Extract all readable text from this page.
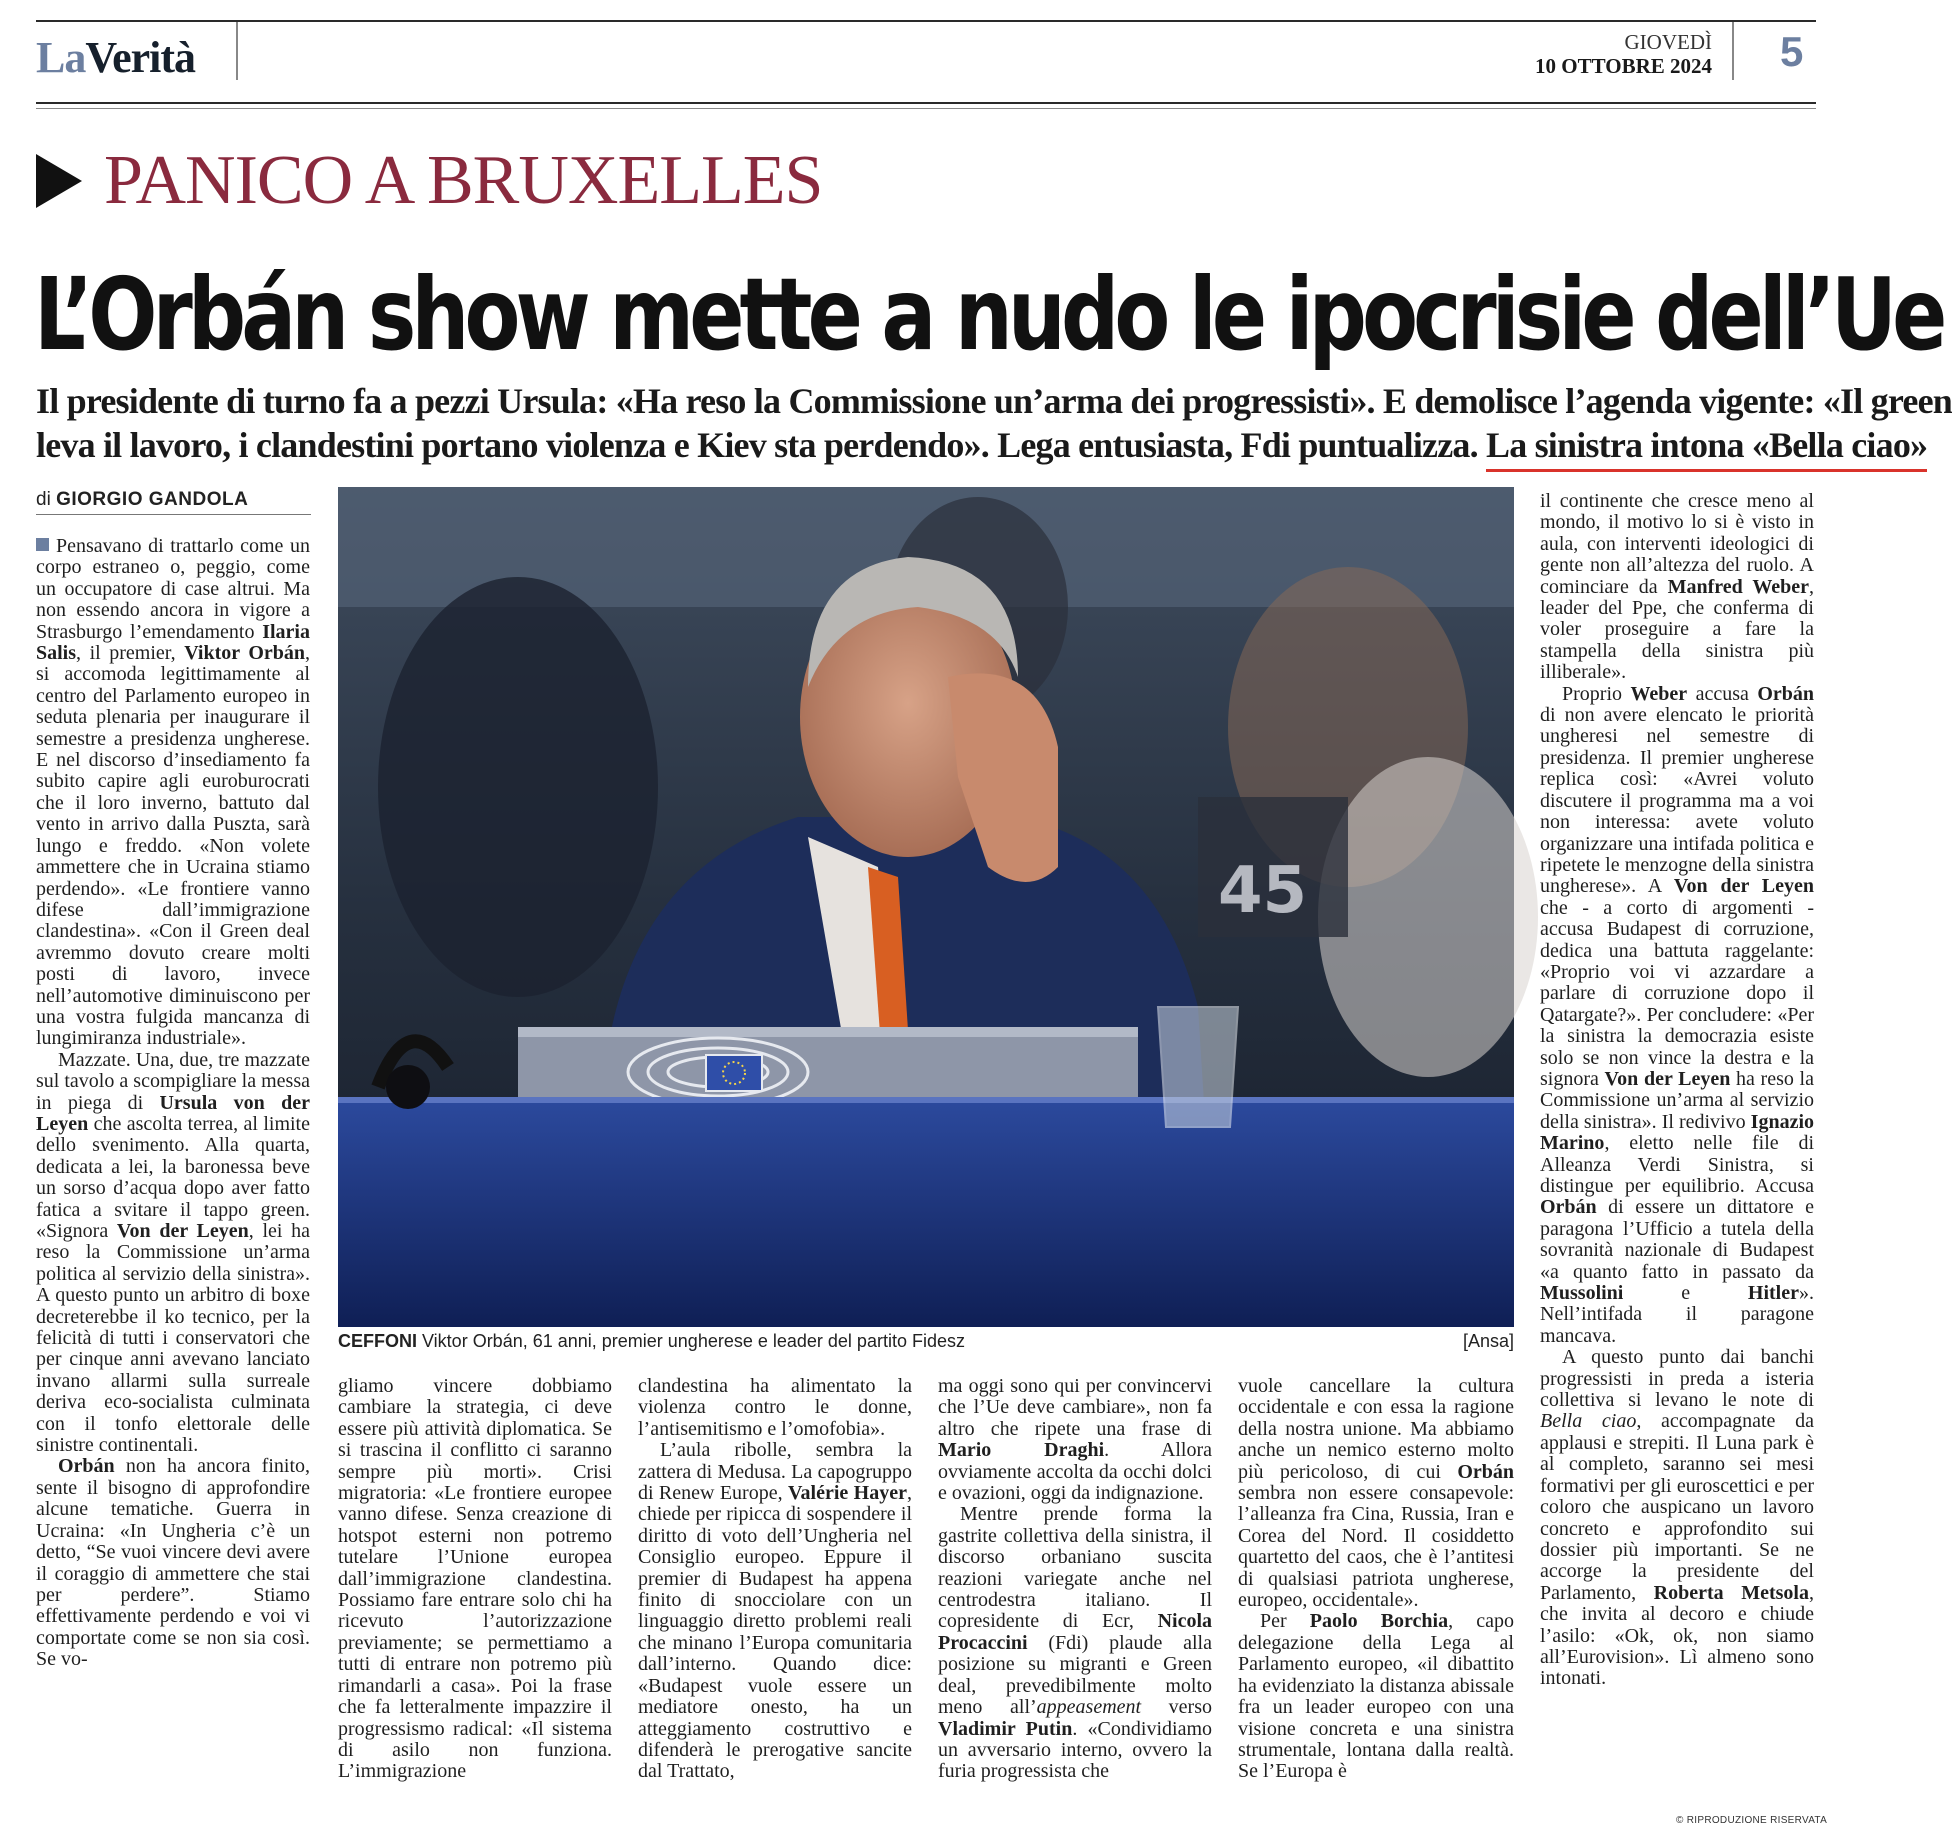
LaVerità	GIOVEDÌ
10 OTTOBRE 2024 5
PANICO A BRUXELLES
L’Orbán show mette a nudo le ipocrisie dell’Ue
Il presidente di turno fa a pezzi Ursula: «Ha reso la Commissione un’arma dei progressisti». E demolisce l’agenda vigente: «Il green
leva il lavoro, i clandestini portano violenza e Kiev sta perdendo». Lega entusiasta, Fdi puntualizza. La sinistra intona «Bella ciao»
di GIORGIO GANDOLA
45
CEFFONI Viktor Orbán, 61 anni, premier ungherese e leader del partito Fidesz	[Ansa]

Pensavano di trattarlo come un corpo estraneo o, peggio, come un occupatore di case altrui. Ma non essendo ancora in vigore a Strasburgo l’emendamento Ilaria Salis, il premier, Viktor Orbán, si accomoda legittimamente al centro del Parlamento europeo in seduta plenaria per inaugurare il semestre a presidenza ungherese. E nel discorso d’insediamento fa subito capire agli euroburocrati che il loro inverno, battuto dal vento in arrivo dalla Puszta, sarà lungo e freddo. «Non volete ammettere che in Ucraina stiamo perdendo». «Le frontiere vanno difese dall’immigrazione clandestina». «Con il Green deal avremmo dovuto creare molti posti di lavoro, invece nell’automotive diminuiscono per una vostra fulgida mancanza di lungimiranza industriale».

Mazzate. Una, due, tre mazzate sul tavolo a scompigliare la messa in piega di Ursula von der Leyen che ascolta terrea, al limite dello svenimento. Alla quarta, dedicata a lei, la baronessa beve un sorso d’acqua dopo aver fatto fatica a svitare il tappo green. «Signora Von der Leyen, lei ha reso la Commissione un’arma politica al servizio della sinistra». A questo punto un arbitro di boxe decreterebbe il ko tecnico, per la felicità di tutti i conservatori che per cinque anni avevano lanciato invano allarmi sulla surreale deriva eco-socialista culminata con il tonfo elettorale delle sinistre continentali.

Orbán non ha ancora finito, sente il bisogno di approfondire alcune tematiche. Guerra in Ucraina: «In Ungheria c’è un detto, “Se vuoi vincere devi avere il coraggio di ammettere che stai per perdere”. Stiamo effettivamente perdendo e voi vi comportate come se non sia così. Se vo-

gliamo vincere dobbiamo cambiare la strategia, ci deve essere più attività diplomatica. Se si trascina il conflitto ci saranno sempre più morti». Crisi migratoria: «Le frontiere europee vanno difese. Senza creazione di hotspot esterni non potremo tutelare l’Unione europea dall’immigrazione clandestina. Possiamo fare entrare solo chi ha ricevuto l’autorizzazione previamente; se permettiamo a tutti di entrare non potremo più rimandarli a casa». Poi la frase che fa letteralmente impazzire il progressismo radical: «Il sistema di asilo non funziona. L’immigrazione

clandestina ha alimentato la violenza contro le donne, l’antisemitismo e l’omofobia».

L’aula ribolle, sembra la zattera di Medusa. La capogruppo di Renew Europe, Valérie Hayer, chiede per ripicca di sospendere il diritto di voto dell’Ungheria nel Consiglio europeo. Eppure il premier di Budapest ha appena finito di snocciolare con un linguaggio diretto problemi reali che minano l’Europa comunitaria dall’interno. Quando dice: «Budapest vuole essere un mediatore onesto, ha un atteggiamento costruttivo e difenderà le prerogative sancite dal Trattato,

ma oggi sono qui per convincervi che l’Ue deve cambiare», non fa altro che ripete una frase di Mario Draghi. Allora ovviamente accolta da occhi dolci e ovazioni, oggi da indignazione.

Mentre prende forma la gastrite collettiva della sinistra, il discorso orbaniano suscita reazioni variegate anche nel centrodestra italiano. Il copresidente di Ecr, Nicola Procaccini (Fdi) plaude alla posizione su migranti e Green deal, prevedibilmente molto meno all’appeasement verso Vladimir Putin. «Condividiamo un avversario interno, ovvero la furia progressista che

vuole cancellare la cultura occidentale e con essa la ragione della nostra unione. Ma abbiamo anche un nemico esterno molto più pericoloso, di cui Orbán sembra non essere consapevole: l’alleanza fra Cina, Russia, Iran e Corea del Nord. Il cosiddetto quartetto del caos, che è l’antitesi di qualsiasi patriota ungherese, europeo, occidentale».

Per Paolo Borchia, capo delegazione della Lega al Parlamento europeo, «il dibattito ha evidenziato la distanza abissale fra un leader europeo con una visione concreta e una sinistra strumentale, lontana dalla realtà. Se l’Europa è

il continente che cresce meno al mondo, il motivo lo si è visto in aula, con interventi ideologici di gente non all’altezza del ruolo. A cominciare da Manfred Weber, leader del Ppe, che conferma di voler proseguire a fare la stampella della sinistra più illiberale».

Proprio Weber accusa Orbán di non avere elencato le priorità ungheresi nel semestre di presidenza. Il premier ungherese replica così: «Avrei voluto discutere il programma ma a voi non interessa: avete voluto organizzare una intifada politica e ripetete le menzogne della sinistra ungherese». A Von der Leyen che - a corto di argomenti - accusa Budapest di corruzione, dedica una battuta raggelante: «Proprio voi vi azzardare a parlare di corruzione dopo il Qatargate?». Per concludere: «Per la sinistra la democrazia esiste solo se non vince la destra e la signora Von der Leyen ha reso la Commissione un’arma al servizio della sinistra». Il redivivo Ignazio Marino, eletto nelle file di Alleanza Verdi Sinistra, si distingue per equilibrio. Accusa Orbán di essere un dittatore e paragona l’Ufficio a tutela della sovranità nazionale di Budapest «a quanto fatto in passato da Mussolini e Hitler». Nell’intifada il paragone mancava.

A questo punto dai banchi progressisti in preda a isteria collettiva si levano le note di Bella ciao, accompagnate da applausi e strepiti. Il Luna park è al completo, saranno sei mesi formativi per gli euroscettici e per coloro che auspicano un lavoro concreto e approfondito sui dossier più importanti. Se ne accorge la presidente del Parlamento, Roberta Metsola, che invita al decoro e chiude l’asilo: «Ok, ok, non siamo all’Eurovision». Lì almeno sono intonati.

© RIPRODUZIONE RISERVATA
